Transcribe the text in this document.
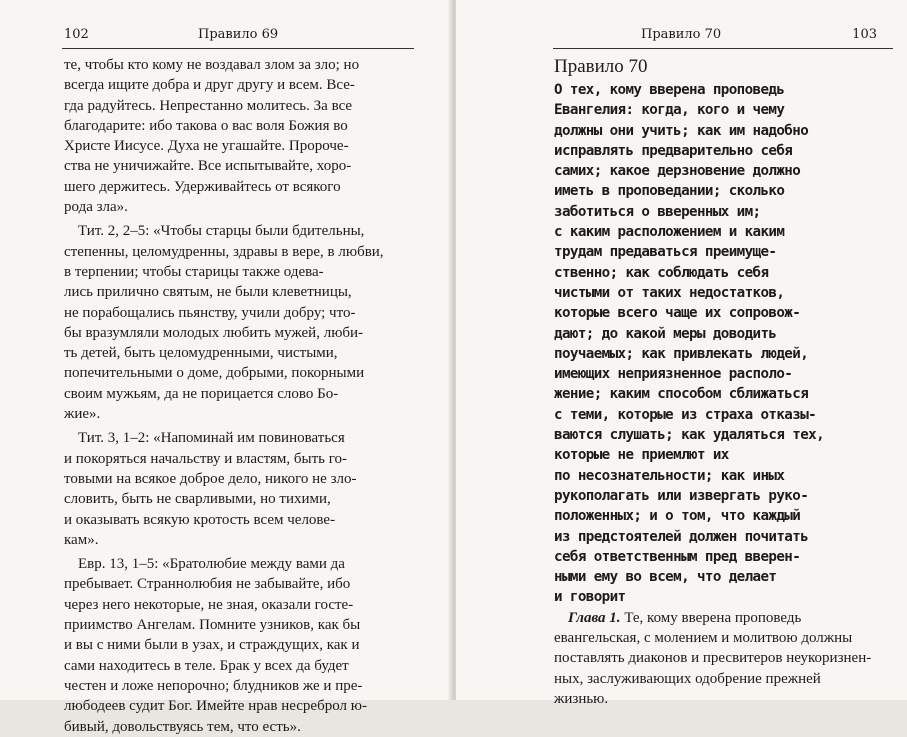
102	Правило 69
те, чтобы кто кому не воздавал злом за зло; но
всегда ищите добра и друг другу и всем. Все-
гда радуйтесь. Непрестанно молитесь. За все
благодарите: ибо такова о вас воля Божия во
Христе Иисусе. Духа не угашайте. Пророче-
ства не уничижайте. Все испытывайте, хоро-
шего держитесь. Удерживайтесь от всякого
рода зла».
Тит. 2, 2–5: «Чтобы старцы были бдительны,
степенны, целомудренны, здравы в вере, в любви,
в терпении; чтобы старицы также одева-
лись прилично святым, не были клеветницы,
не порабощались пьянству, учили добру; что-
бы вразумляли молодых любить мужей, люби-
ть детей, быть целомудренными, чистыми,
попечительными о доме, добрыми, покорными
своим мужьям, да не порицается слово Бо-
жие».
Тит. 3, 1–2: «Напоминай им повиноваться
и покоряться начальству и властям, быть го-
товыми на всякое доброе дело, никого не зло-
словить, быть не сварливыми, но тихими,
и оказывать всякую кротость всем челове-
кам».
Евр. 13, 1–5: «Братолюбие между вами да
пребывает. Страннолюбия не забывайте, ибо
через него некоторые, не зная, оказали госте-
приимство Ангелам. Помните узников, как бы
и вы с ними были в узах, и страждущих, как и
сами находитесь в теле. Брак у всех да будет
честен и ложе непорочно; блудников же и пре-
любодеев судит Бог. Имейте нрав несреброл ю-
бивый, довольствуясь тем, что есть».
Правило 70	103
Правило 70
О тех, кому вверена проповедь
Евангелия: когда, кого и чему
должны они учить; как им надобно
исправлять предварительно себя
самих; какое дерзновение должно
иметь в проповедании; сколько
заботиться о вверенных им;
с каким расположением и каким
трудам предаваться преимуще-
ственно; как соблюдать себя
чистыми от таких недостатков,
которые всего чаще их сопровож-
дают; до какой меры доводить
поучаемых; как привлекать людей,
имеющих неприязненное располо-
жение; каким способом сближаться
с теми, которые из страха отказы-
ваются слушать; как удаляться тех,
которые не приемлют их
по несознательности; как иных
рукополагать или извергать руко-
положенных; и о том, что каждый
из предстоятелей должен почитать
себя ответственным пред вверен-
ными ему во всем, что делает
и говорит
Глава 1. Те, кому вверена проповедь
евангельская, с молением и молитвою должны
поставлять диаконов и пресвитеров неукоризнен-
ных, заслуживающих одобрение прежней
жизнью.
